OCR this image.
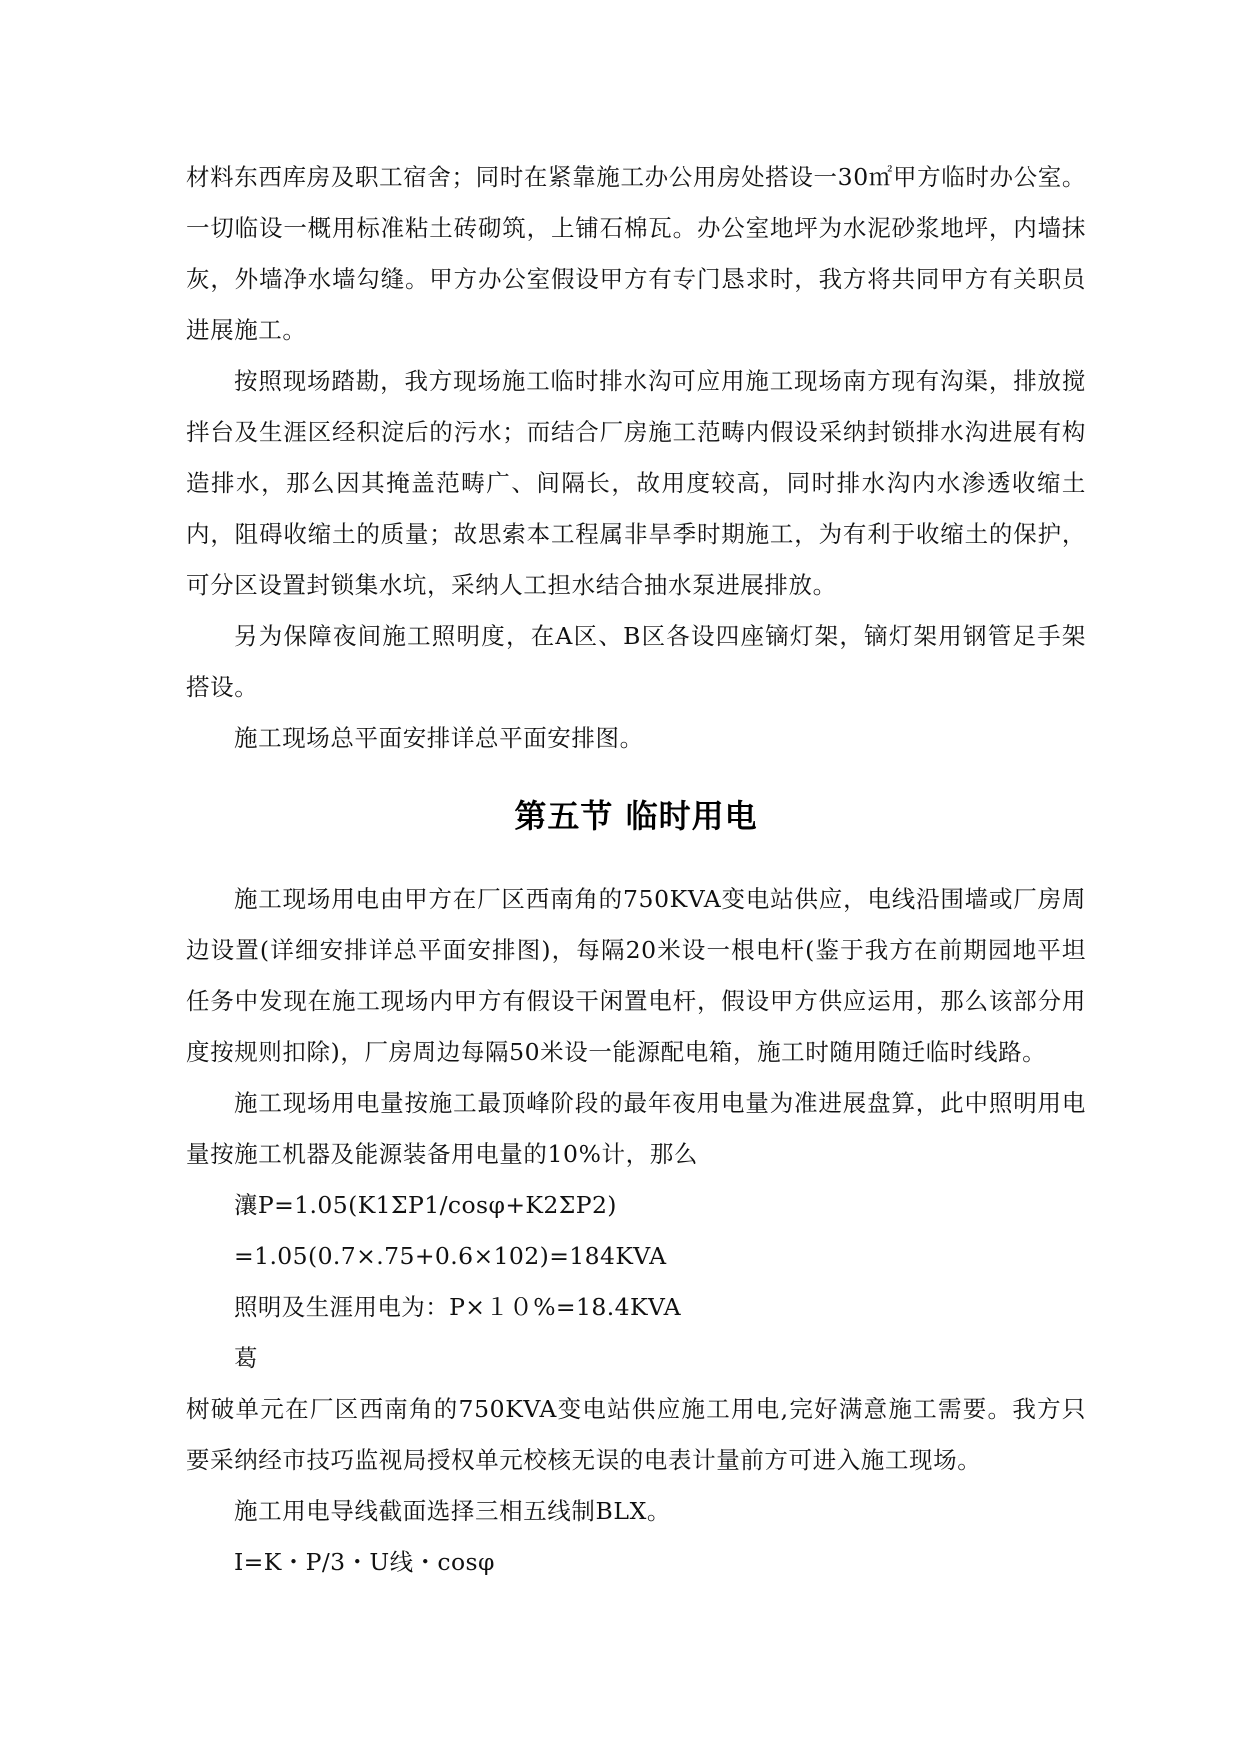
材料东西库房及职工宿舍；同时在紧靠施工办公用房处搭设一30㎡甲方临时办公室。一切临设一概用标准粘土砖砌筑，上铺石棉瓦。办公室地坪为水泥砂浆地坪，内墙抹灰，外墙净水墙勾缝。甲方办公室假设甲方有专门恳求时，我方将共同甲方有关职员进展施工。

按照现场踏勘，我方现场施工临时排水沟可应用施工现场南方现有沟渠，排放搅拌台及生涯区经积淀后的污水；而结合厂房施工范畴内假设采纳封锁排水沟进展有构造排水，那么因其掩盖范畴广、间隔长，故用度较高，同时排水沟内水渗透收缩土内，阻碍收缩土的质量；故思索本工程属非旱季时期施工，为有利于收缩土的保护，可分区设置封锁集水坑，采纳人工担水结合抽水泵进展排放。

另为保障夜间施工照明度，在A区、B区各设四座镝灯架，镝灯架用钢管足手架搭设。

施工现场总平面安排详总平面安排图。

第五节 临时用电

施工现场用电由甲方在厂区西南角的750KVA变电站供应，电线沿围墙或厂房周边设置(详细安排详总平面安排图)，每隔20米设一根电杆(鉴于我方在前期园地平坦任务中发现在施工现场内甲方有假设干闲置电杆，假设甲方供应运用，那么该部分用度按规则扣除)，厂房周边每隔50米设一能源配电箱，施工时随用随迁临时线路。

施工现场用电量按施工最顶峰阶段的最年夜用电量为准进展盘算，此中照明用电量按施工机器及能源装备用电量的10%计，那么

瀼P=1.05(K1ΣP1/cosφ+K2ΣP2)

=1.05(0.7×.75+0.6×102)=184KVA

照明及生涯用电为：P×１０%=18.4KVA

葛

树破单元在厂区西南角的750KVA变电站供应施工用电,完好满意施工需要。我方只要采纳经市技巧监视局授权单元校核无误的电表计量前方可进入施工现场。

施工用电导线截面选择三相五线制BLX。

I=K・P/3・U线・cosφ
